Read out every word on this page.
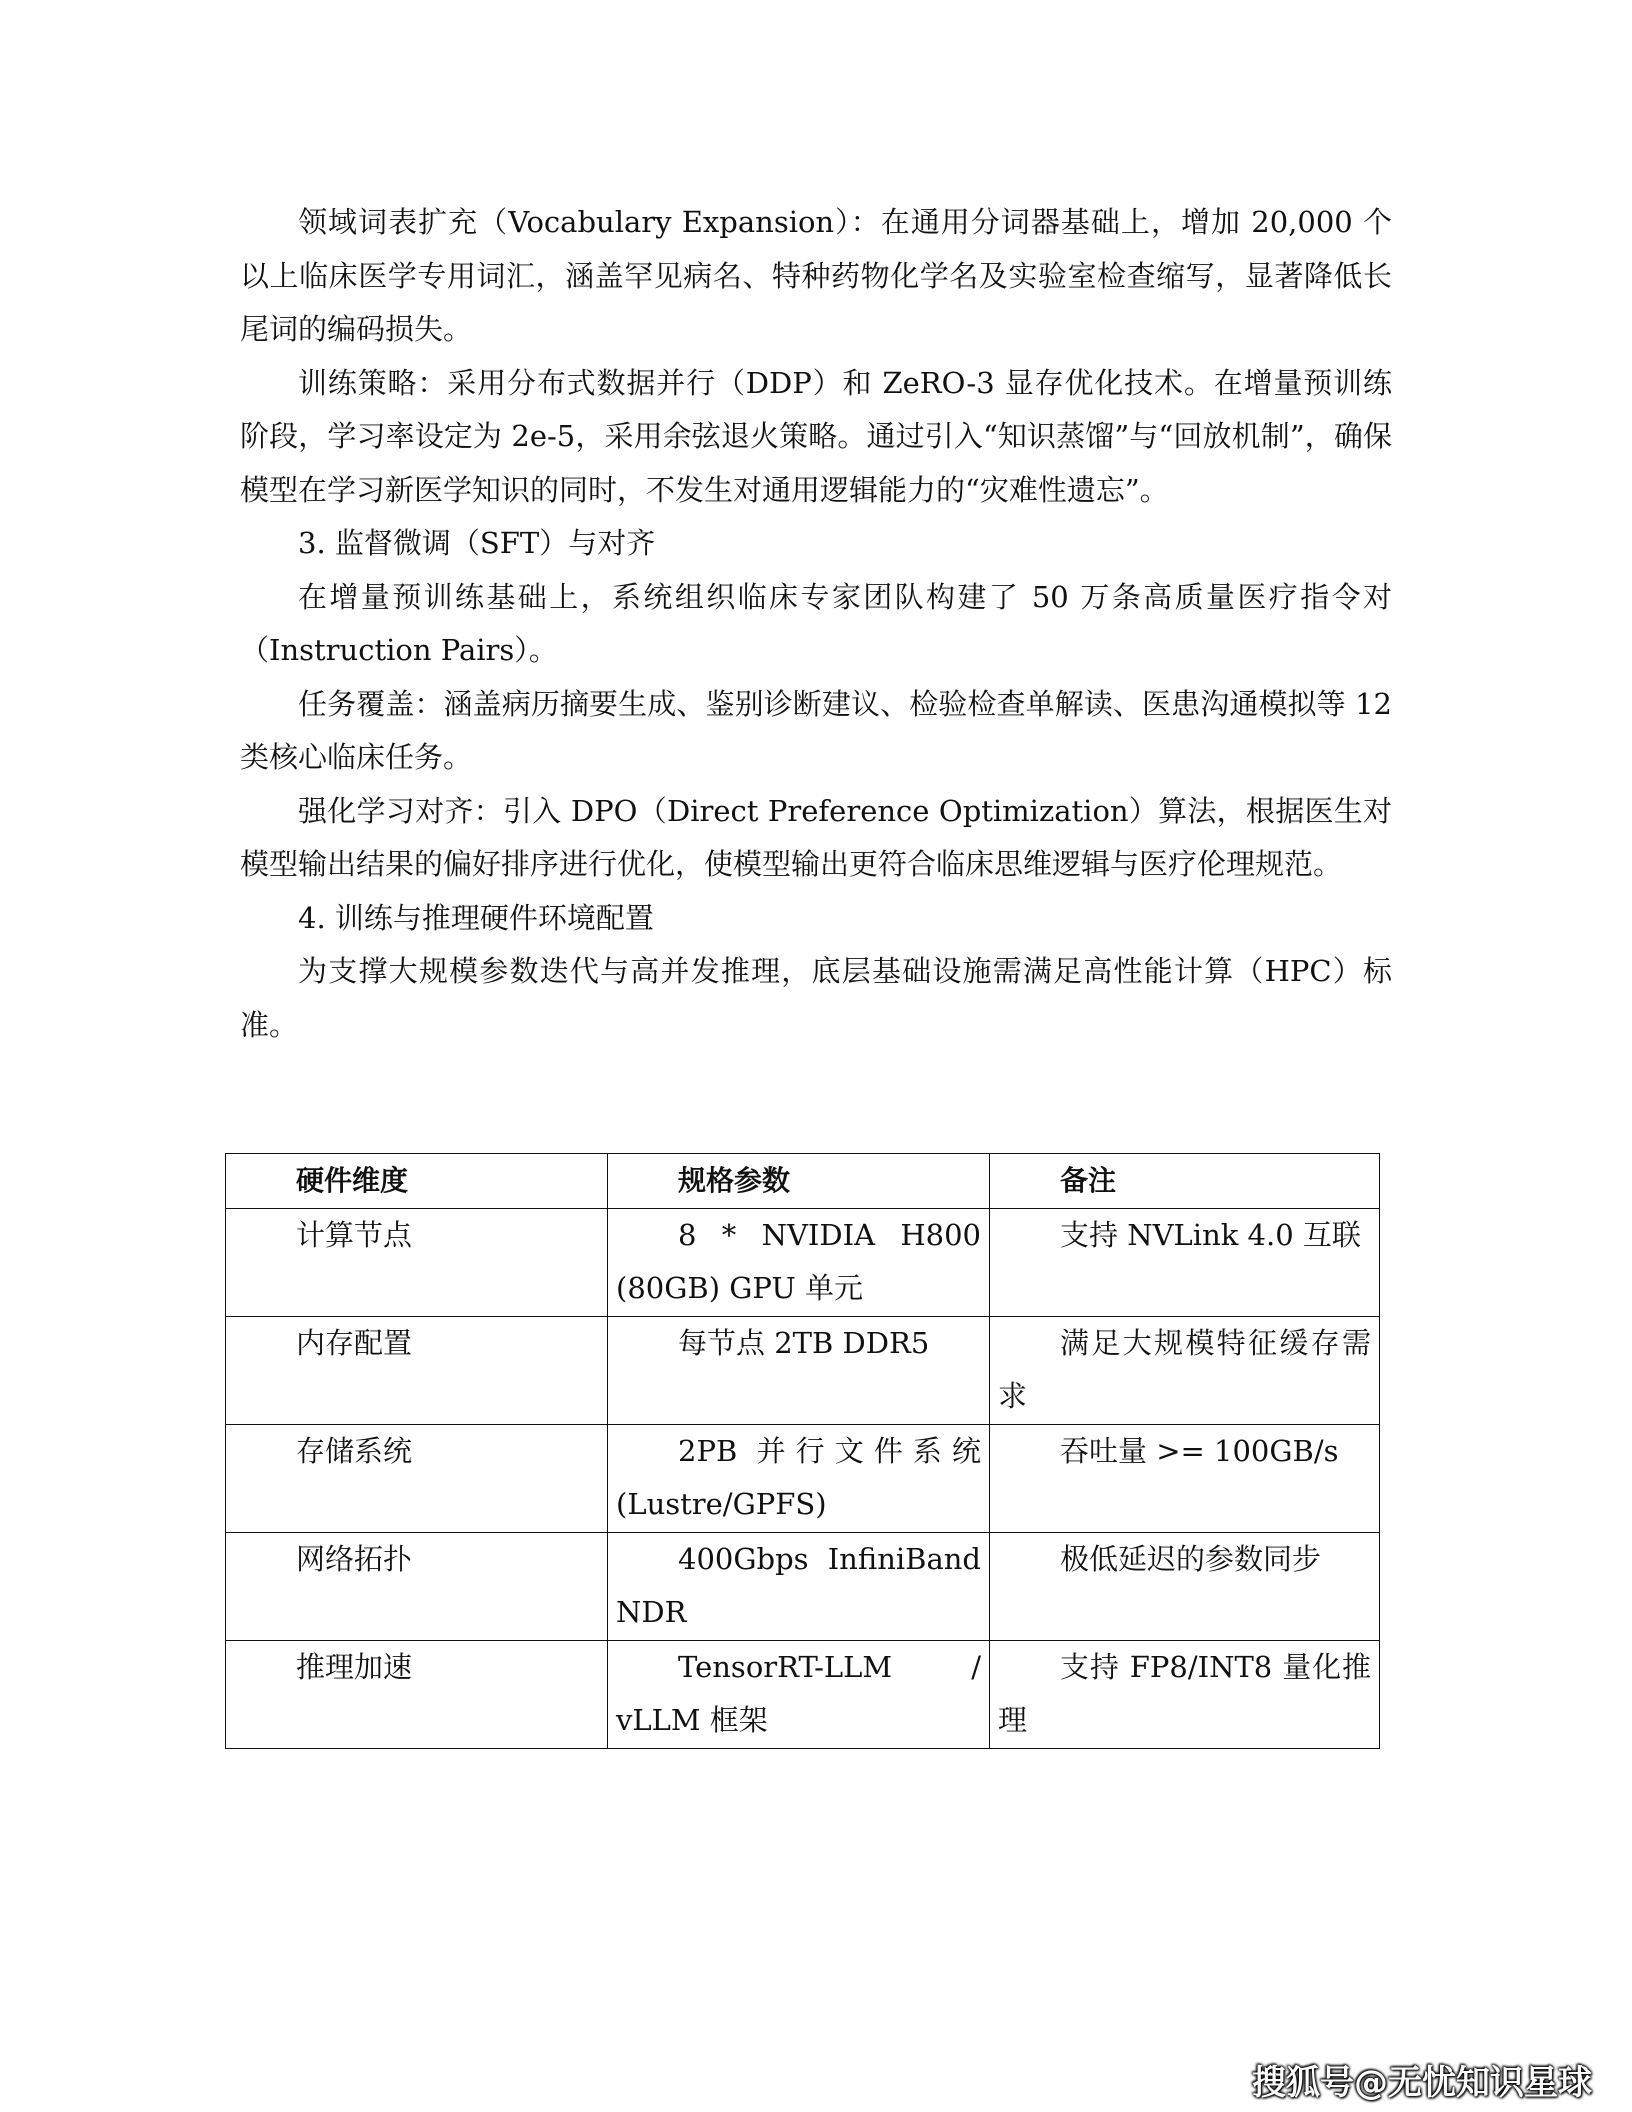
领域词表扩充（Vocabulary Expansion）：在通用分词器基础上，增加 20,000 个以上临床医学专用词汇，涵盖罕见病名、特种药物化学名及实验室检查缩写，显著降低长尾词的编码损失。

训练策略：采用分布式数据并行（DDP）和 ZeRO-3 显存优化技术。在增量预训练阶段，学习率设定为 2e-5，采用余弦退火策略。通过引入“知识蒸馏”与“回放机制”，确保模型在学习新医学知识的同时，不发生对通用逻辑能力的“灾难性遗忘”。

3. 监督微调（SFT）与对齐

在增量预训练基础上，系统组织临床专家团队构建了 50 万条高质量医疗指令对（Instruction Pairs）。

任务覆盖：涵盖病历摘要生成、鉴别诊断建议、检验检查单解读、医患沟通模拟等 12 类核心临床任务。

强化学习对齐：引入 DPO（Direct Preference Optimization）算法，根据医生对模型输出结果的偏好排序进行优化，使模型输出更符合临床思维逻辑与医疗伦理规范。

4. 训练与推理硬件环境配置

为支撑大规模参数迭代与高并发推理，底层基础设施需满足高性能计算（HPC）标准。

硬件维度	规格参数	备注
计算节点	8 * NVIDIA H800 (80GB) GPU 单元	支持 NVLink 4.0 互联
内存配置	每节点 2TB DDR5	满足大规模特征缓存需求
存储系统	2PB 并行文件系统 (Lustre/GPFS)	吞吐量 >= 100GB/s
网络拓扑	400Gbps InfiniBand NDR	极低延迟的参数同步
推理加速	TensorRT-LLM / vLLM 框架	支持 FP8/INT8 量化推理
搜狐号@无忧知识星球
